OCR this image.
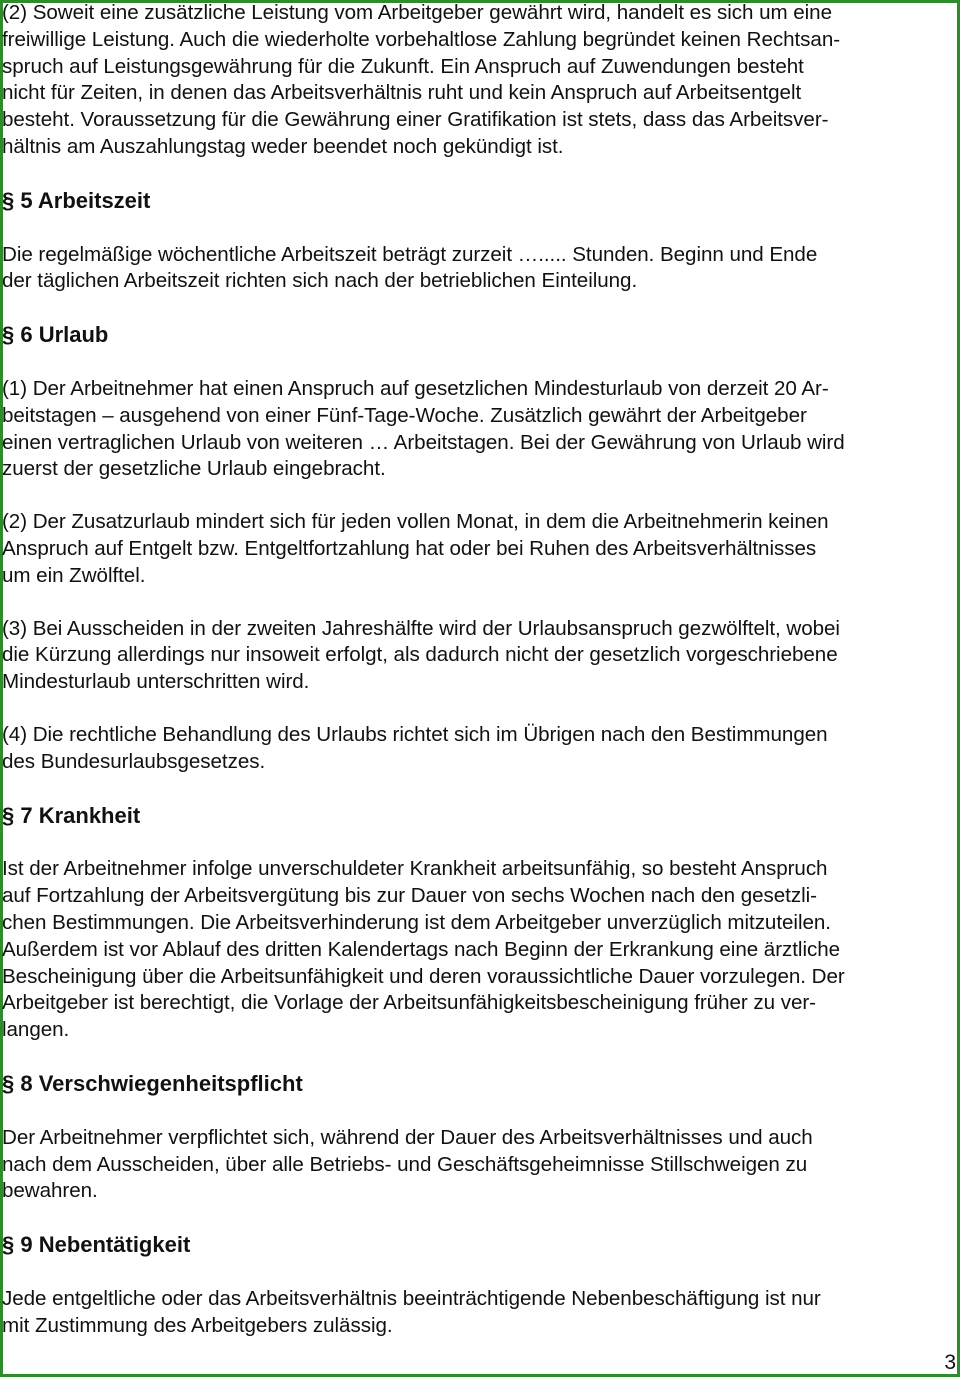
(2) Soweit eine zusätzliche Leistung vom Arbeitgeber gewährt wird, handelt es sich um eine
freiwillige Leistung. Auch die wiederholte vorbehaltlose Zahlung begründet keinen Rechtsan-
spruch auf Leistungsgewährung für die Zukunft. Ein Anspruch auf Zuwendungen besteht
nicht für Zeiten, in denen das Arbeitsverhältnis ruht und kein Anspruch auf Arbeitsentgelt
besteht. Voraussetzung für die Gewährung einer Gratifikation ist stets, dass das Arbeitsver-
hältnis am Auszahlungstag weder beendet noch gekündigt ist.

§ 5 Arbeitszeit

Die regelmäßige wöchentliche Arbeitszeit beträgt zurzeit …..... Stunden. Beginn und Ende
der täglichen Arbeitszeit richten sich nach der betrieblichen Einteilung.

§ 6 Urlaub

(1) Der Arbeitnehmer hat einen Anspruch auf gesetzlichen Mindesturlaub von derzeit 20 Ar-
beitstagen – ausgehend von einer Fünf-Tage-Woche. Zusätzlich gewährt der Arbeitgeber
einen vertraglichen Urlaub von weiteren … Arbeitstagen. Bei der Gewährung von Urlaub wird
zuerst der gesetzliche Urlaub eingebracht.

(2) Der Zusatzurlaub mindert sich für jeden vollen Monat, in dem die Arbeitnehmerin keinen
Anspruch auf Entgelt bzw. Entgeltfortzahlung hat oder bei Ruhen des Arbeitsverhältnisses
um ein Zwölftel.

(3) Bei Ausscheiden in der zweiten Jahreshälfte wird der Urlaubsanspruch gezwölftelt, wobei
die Kürzung allerdings nur insoweit erfolgt, als dadurch nicht der gesetzlich vorgeschriebene
Mindesturlaub unterschritten wird.

(4) Die rechtliche Behandlung des Urlaubs richtet sich im Übrigen nach den Bestimmungen
des Bundesurlaubsgesetzes.

§ 7 Krankheit

Ist der Arbeitnehmer infolge unverschuldeter Krankheit arbeitsunfähig, so besteht Anspruch
auf Fortzahlung der Arbeitsvergütung bis zur Dauer von sechs Wochen nach den gesetzli-
chen Bestimmungen. Die Arbeitsverhinderung ist dem Arbeitgeber unverzüglich mitzuteilen.
Außerdem ist vor Ablauf des dritten Kalendertags nach Beginn der Erkrankung eine ärztliche
Bescheinigung über die Arbeitsunfähigkeit und deren voraussichtliche Dauer vorzulegen. Der
Arbeitgeber ist berechtigt, die Vorlage der Arbeitsunfähigkeitsbescheinigung früher zu ver-
langen.

§ 8 Verschwiegenheitspflicht

Der Arbeitnehmer verpflichtet sich, während der Dauer des Arbeitsverhältnisses und auch
nach dem Ausscheiden, über alle Betriebs- und Geschäftsgeheimnisse Stillschweigen zu
bewahren.

§ 9 Nebentätigkeit

Jede entgeltliche oder das Arbeitsverhältnis beeinträchtigende Nebenbeschäftigung ist nur
mit Zustimmung des Arbeitgebers zulässig.

3
